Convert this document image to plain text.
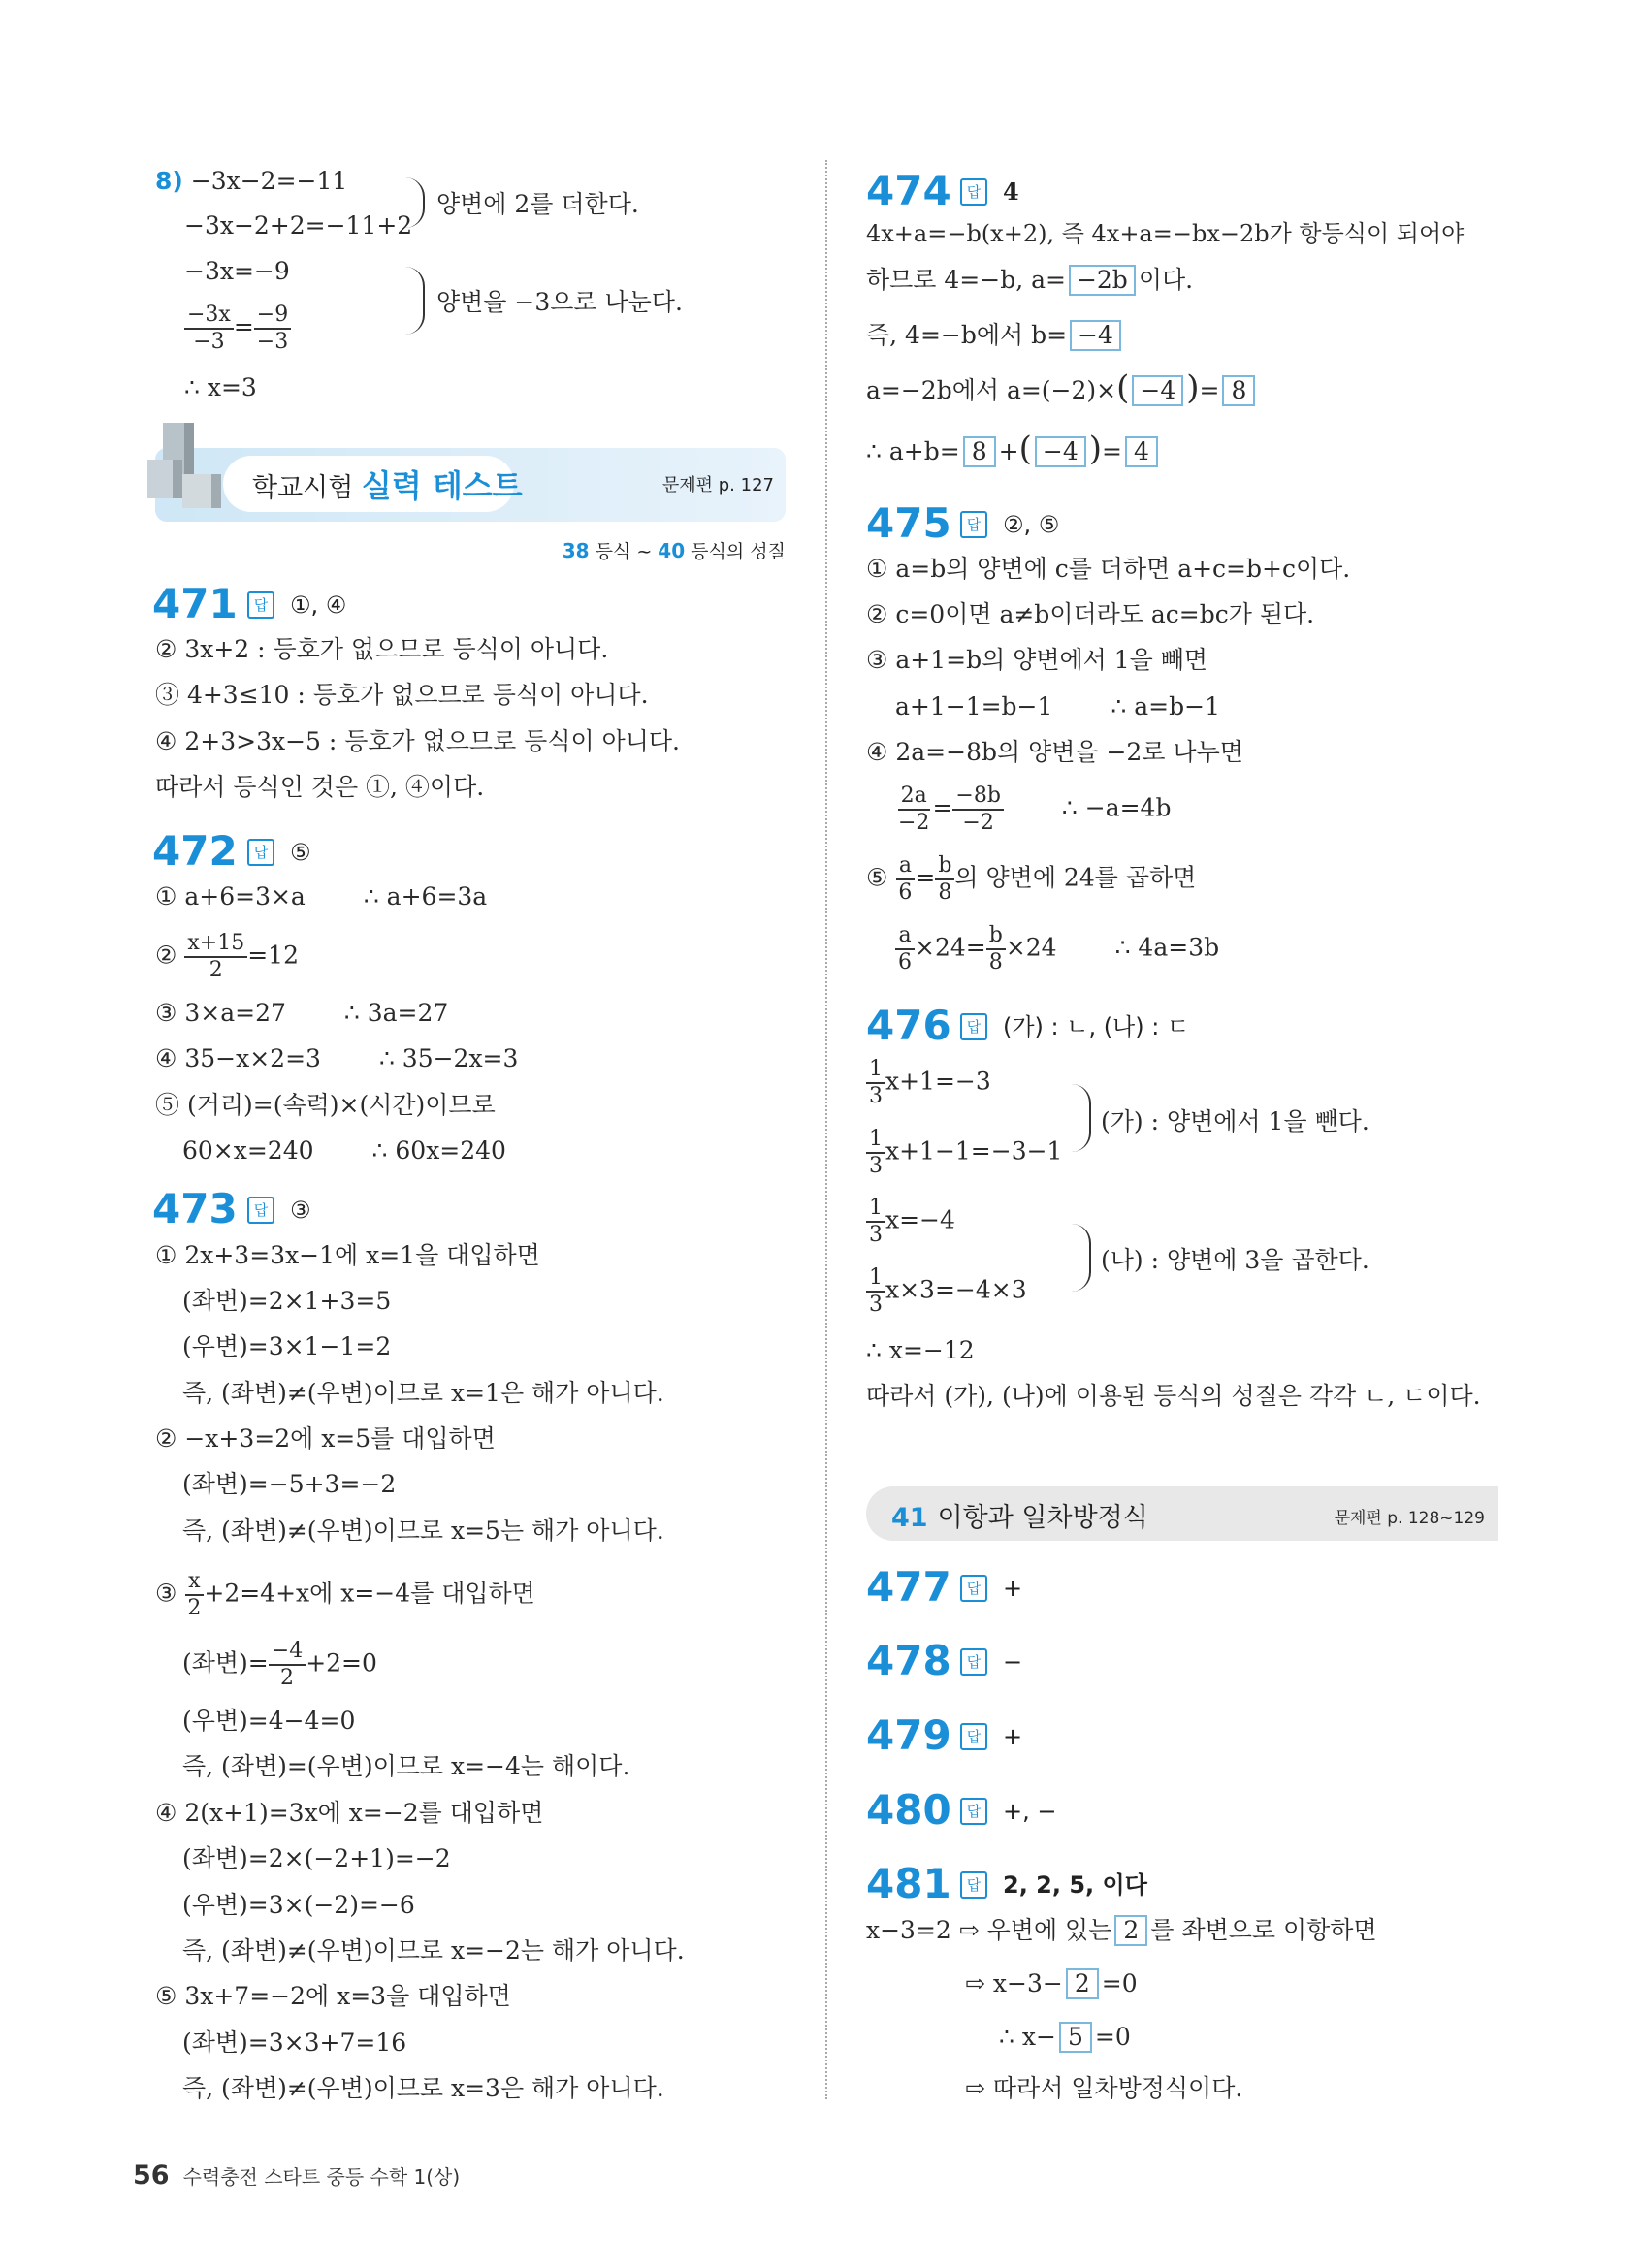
8) −3x−2=−11
−3x−2+2=−11+2
−3x=−9
$\frac{-3x}{-3} = \frac{-9}{-3}$
∴ x=3
양변에 2를 더한다.
양변을 −3으로 나눈다.
학교시험 실력 테스트	문제편 p. 127
38 등식 ~ 40 등식의 성질
471	답 ①, ④
② 3x+2 : 등호가 없으므로 등식이 아니다.
③ 4+3≤10 : 등호가 없으므로 등식이 아니다.
④ 2+3>3x−5 : 등호가 없으므로 등식이 아니다.
따라서 등식인 것은 ①, ④이다.
472	답 ⑤
① a+6=3×a ∴ a+6=3a
② $\frac{x+15}{2} =12$
③ 3×a=27 ∴ 3a=27
④ 35−x×2=3 ∴ 35−2x=3
⑤ (거리)=(속력)×(시간)이므로
60×x=240 ∴ 60x=240
473	답 ③
① 2x+3=3x−1에 x=1을 대입하면
(좌변)=2×1+3=5
(우변)=3×1−1=2
즉, (좌변)≠(우변)이므로 x=1은 해가 아니다.
② −x+3=2에 x=5를 대입하면
(좌변)=−5+3=−2
즉, (좌변)≠(우변)이므로 x=5는 해가 아니다.
③ $\frac{x}{2} +2=4+x$에 x=−4를 대입하면
(좌변)= $\frac{-4}{2} +2=0$
(우변)=4−4=0
즉, (좌변)=(우변)이므로 x=−4는 해이다.
④ 2(x+1)=3x에 x=−2를 대입하면
(좌변)=2×(−2+1)=−2
(우변)=3×(−2)=−6
즉, (좌변)≠(우변)이므로 x=−2는 해가 아니다.
⑤ 3x+7=−2에 x=3을 대입하면
(좌변)=3×3+7=16
즉, (좌변)≠(우변)이므로 x=3은 해가 아니다.
474	답 4
4x+a=−b(x+2), 즉 4x+a=−bx−2b가 항등식이 되어야
하므로 4=−b, a= −2b 이다.
즉, 4=−b에서 b= −4
a=−2b에서 a=(−2)×( −4 )= 8
∴ a+b= 8 +( −4 )= 4
475	답 ②, ⑤
① a=b의 양변에 c를 더하면 a+c=b+c이다.
② c=0이면 a≠b이더라도 ac=bc가 된다.
③ a+1=b의 양변에서 1을 빼면
a+1−1=b−1 ∴ a=b−1
④ 2a=−8b의 양변을 −2로 나누면
$\frac{2a}{-2} = \frac{-8b}{-2}$ ∴ −a=4b
⑤ $\frac{a}{6} = \frac{b}{8}$ 의 양변에 24를 곱하면
$\frac{a}{6} \times 24= \frac{b}{8} \times 24$ ∴ 4a=3b
476	답 (가) : ㄴ, (나) : ㄷ
$\frac{1}{3} x+1=-3$
$\frac{1}{3} x+1-1=-3-1$
(가) : 양변에서 1을 뺀다.
$\frac{1}{3} x=-4$
$\frac{1}{3} x\times 3=-4\times 3$
(나) : 양변에 3을 곱한다.
∴ x=−12
따라서 (가), (나)에 이용된 등식의 성질은 각각 ㄴ, ㄷ이다.
41 이항과 일차방정식	문제편 p. 128~129
477	답 +
478	답 −
479	답 +
480	답 +, −
481	답 2, 2, 5, 이다
x−3=2 ⇨ 우변에 있는 2 를 좌변으로 이항하면
⇨ x−3− 2 =0
∴ x− 5 =0
⇨ 따라서 일차방정식이다.
56 수력충전 스타트 중등 수학 1(상)
